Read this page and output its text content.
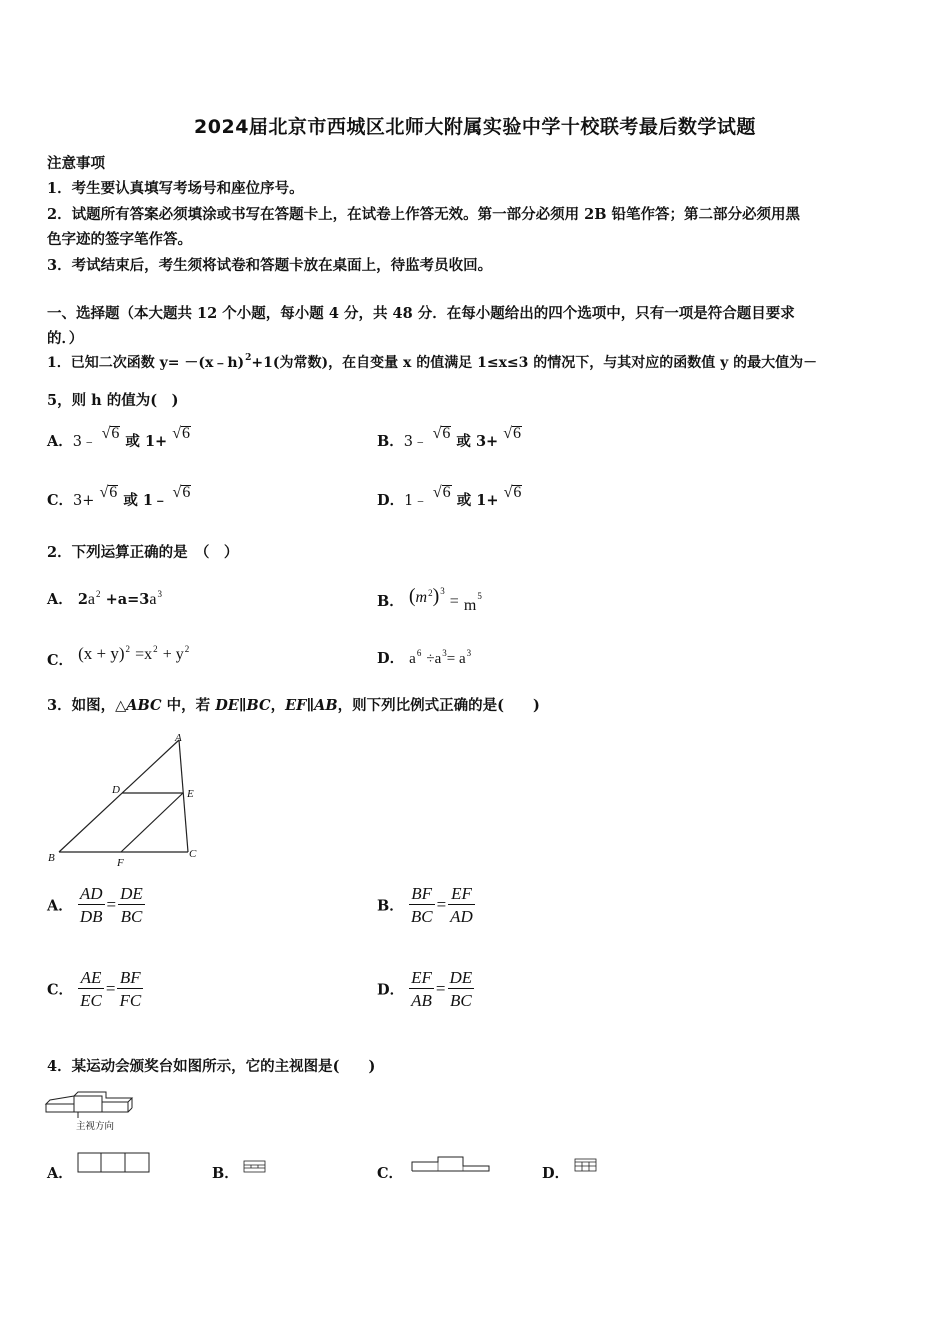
2024届北京市西城区北师大附属实验中学十校联考最后数学试题
注意事项
1．考生要认真填写考场号和座位序号。
2．试题所有答案必须填涂或书写在答题卡上，在试卷上作答无效。第一部分必须用 2B 铅笔作答；第二部分必须用黑
色字迹的签字笔作答。
3．考试结束后，考生须将试卷和答题卡放在桌面上，待监考员收回。
一、选择题（本大题共 12 个小题，每小题 4 分，共 48 分．在每小题给出的四个选项中，只有一项是符合题目要求
的．）
1．已知二次函数 y= －(x﹣h)$^2$+1(为常数)，在自变量 x 的值满足 1≤x≤3 的情况下，与其对应的函数值 y 的最大值为－
5，则 h 的值为(　)
A．3﹣ √6 或 1+ √6	B．3﹣ √6 或 3+ √6
C．3+ √6 或 1﹣ √6	D．1﹣ √6 或 1+ √6
2．下列运算正确的是　（　）
A． $2a^2 +a=3a^3$	B． $(m^2)^3 = m^5$
C． $(x + y)^2 =x^2 + y^2$
D． $a^6 \div a^3= a^3$
3．如图，△ABC 中，若 DE∥BC，EF∥AB，则下列比例式正确的是(　　)
A
D	E
B	F
C
A． $\frac{AD}{DB} = \frac{DE}{BC}$	B． $\frac{BF}{BC} = \frac{EF}{AD}$
C． $\frac{AE}{EC} = \frac{BF}{FC}$	D． $\frac{EF}{AB} = \frac{DE}{BC}$
4．某运动会颁奖台如图所示，它的主视图是(　　)
主视方向
A．	B．	C．	D．
